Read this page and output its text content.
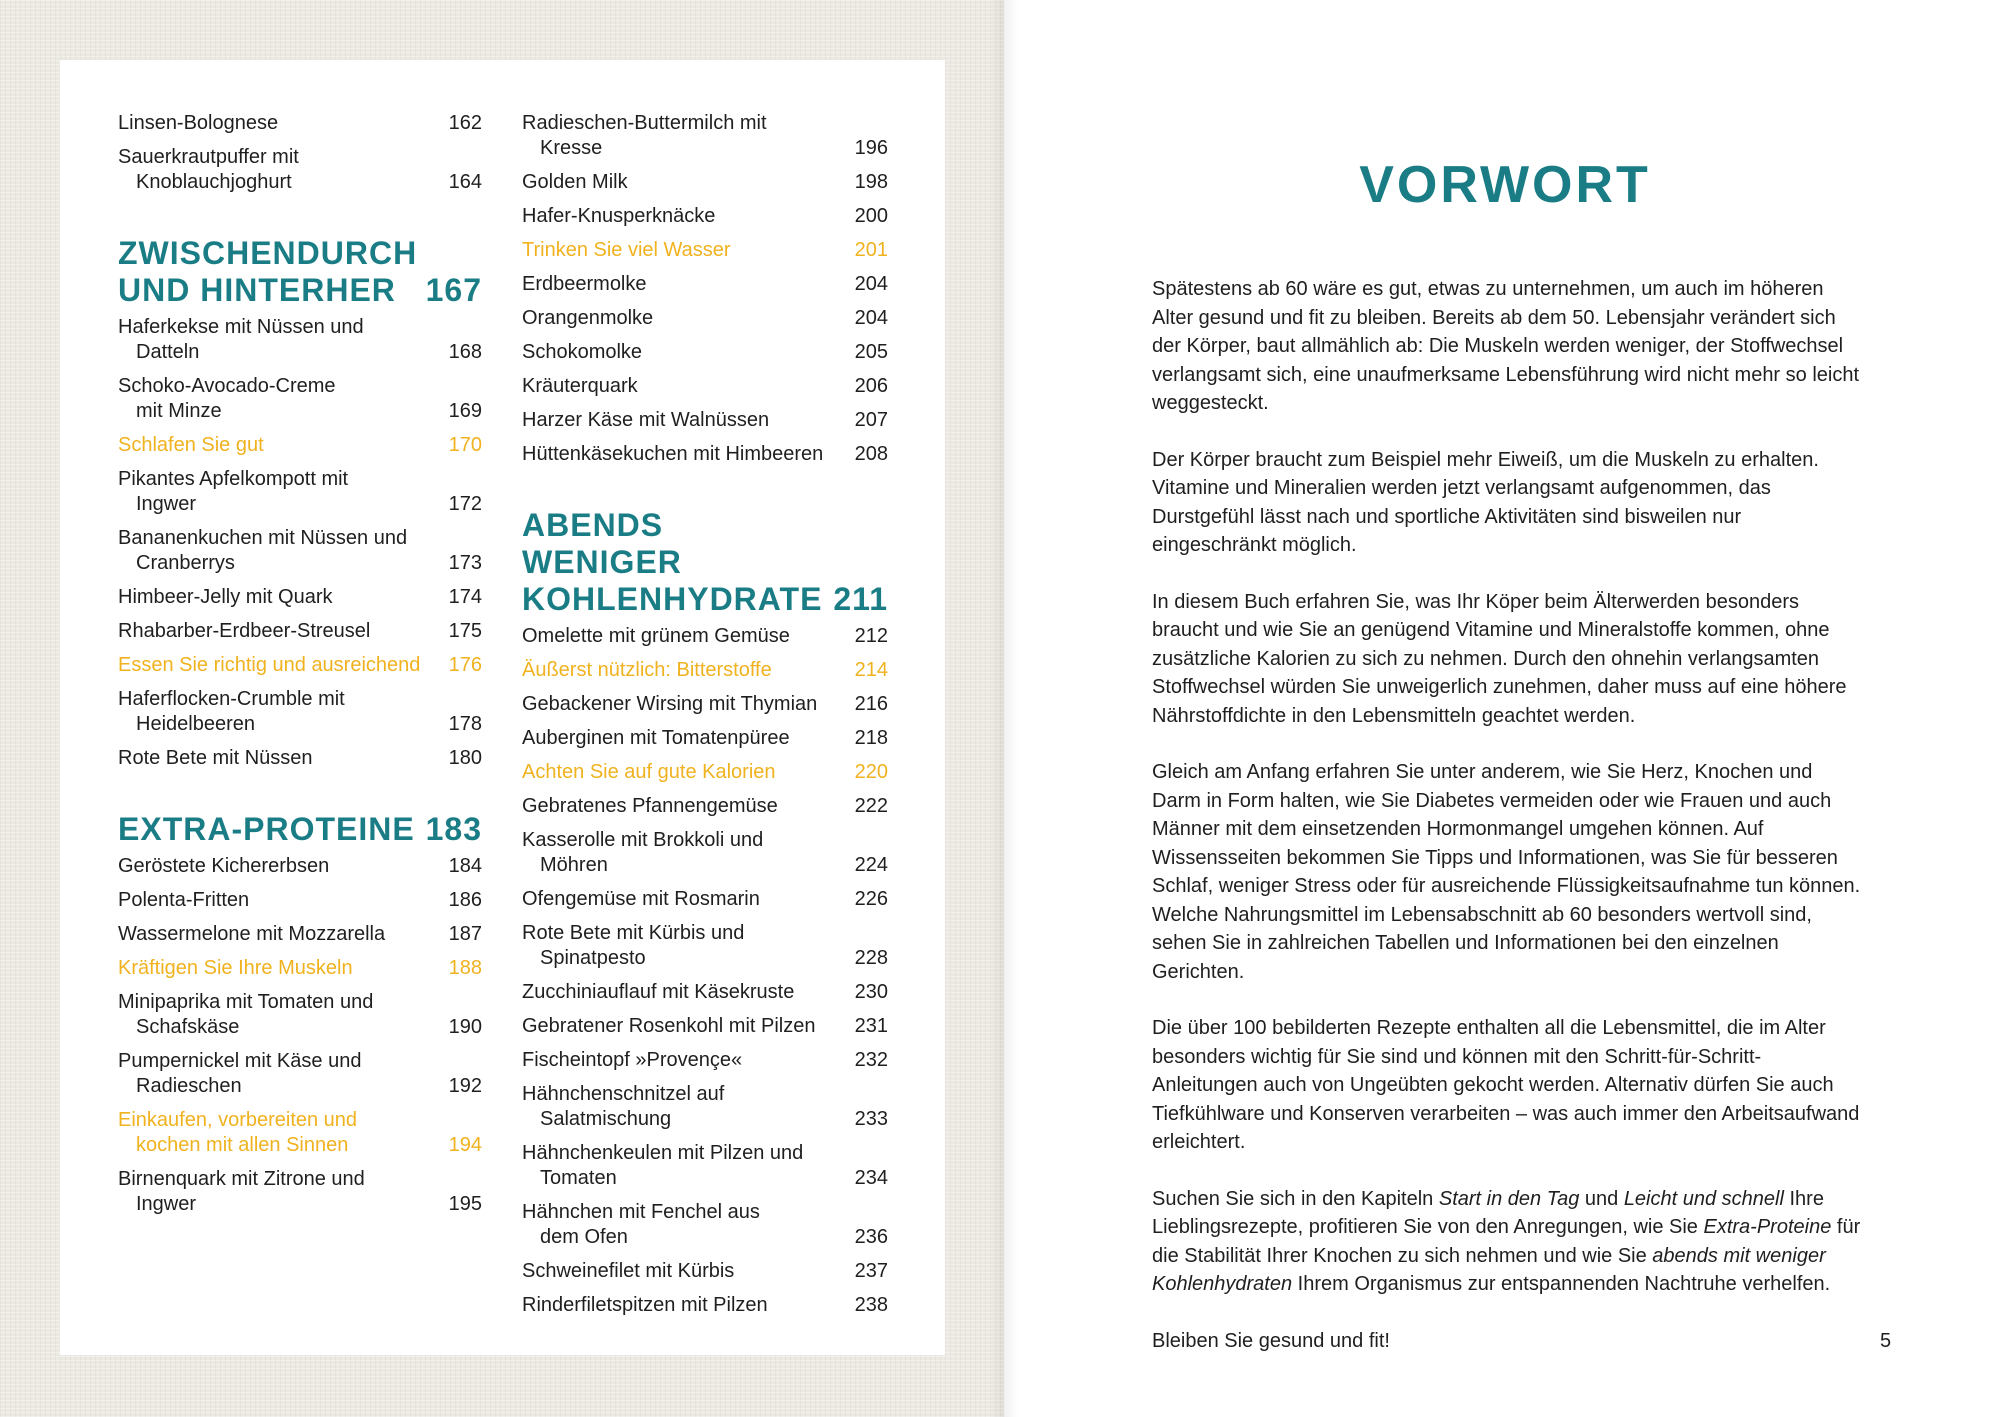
Linsen-Bolognese	162
Sauerkrautpuffer mit
Knoblauchjoghurt	164
ZWISCHENDURCH
UND HINTERHER 167
Haferkekse mit Nüssen und
Datteln	168
Schoko-Avocado-Creme
mit Minze	169
Schlafen Sie gut	170
Pikantes Apfelkompott mit
Ingwer	172
Bananenkuchen mit Nüssen und
Cranberrys	173
Himbeer-Jelly mit Quark	174
Rhabarber-Erdbeer-Streusel	175
Essen Sie richtig und ausreichend	176
Haferflocken-Crumble mit
Heidelbeeren	178
Rote Bete mit Nüssen	180
EXTRA-PROTEINE 183
Geröstete Kichererbsen	184
Polenta-Fritten	186
Wassermelone mit Mozzarella	187
Kräftigen Sie Ihre Muskeln	188
Minipaprika mit Tomaten und
Schafskäse	190
Pumpernickel mit Käse und
Radieschen	192
Einkaufen, vorbereiten und
kochen mit allen Sinnen	194
Birnenquark mit Zitrone und
Ingwer	195
Radieschen-Buttermilch mit
Kresse	196
Golden Milk	198
Hafer-Knusperknäcke	200
Trinken Sie viel Wasser	201
Erdbeermolke	204
Orangenmolke	204
Schokomolke	205
Kräuterquark	206
Harzer Käse mit Walnüssen	207
Hüttenkäsekuchen mit Himbeeren	208
ABENDS WENIGER
KOHLENHYDRATE 211
Omelette mit grünem Gemüse	212
Äußerst nützlich: Bitterstoffe	214
Gebackener Wirsing mit Thymian	216
Auberginen mit Tomatenpüree	218
Achten Sie auf gute Kalorien	220
Gebratenes Pfannengemüse	222
Kasserolle mit Brokkoli und
Möhren	224
Ofengemüse mit Rosmarin	226
Rote Bete mit Kürbis und
Spinatpesto	228
Zucchiniauflauf mit Käsekruste	230
Gebratener Rosenkohl mit Pilzen	231
Fischeintopf »Provençe«	232
Hähnchenschnitzel auf
Salatmischung	233
Hähnchenkeulen mit Pilzen und
Tomaten	234
Hähnchen mit Fenchel aus
dem Ofen	236
Schweinefilet mit Kürbis	237
Rinderfiletspitzen mit Pilzen	238
VORWORT

Spätestens ab 60 wäre es gut, etwas zu unternehmen, um auch im höheren Alter gesund und fit zu bleiben. Bereits ab dem 50. Lebensjahr verändert sich der Körper, baut allmählich ab: Die Muskeln werden weniger, der Stoffwechsel verlangsamt sich, eine unaufmerksame Lebensführung wird nicht mehr so leicht weggesteckt.

Der Körper braucht zum Beispiel mehr Eiweiß, um die Muskeln zu erhalten. Vitamine und Mineralien werden jetzt verlangsamt aufgenommen, das Durstgefühl lässt nach und sportliche Aktivitäten sind bisweilen nur eingeschränkt möglich.

In diesem Buch erfahren Sie, was Ihr Köper beim Älterwerden besonders braucht und wie Sie an genügend Vitamine und Mineralstoffe kommen, ohne zusätzliche Kalorien zu sich zu nehmen. Durch den ohnehin verlangsamten Stoffwechsel würden Sie unweigerlich zunehmen, daher muss auf eine höhere Nährstoffdichte in den Lebensmitteln geachtet werden.

Gleich am Anfang erfahren Sie unter anderem, wie Sie Herz, Knochen und Darm in Form halten, wie Sie Diabetes vermeiden oder wie Frauen und auch Männer mit dem einsetzenden Hormonmangel umgehen können. Auf Wissensseiten bekommen Sie Tipps und Informationen, was Sie für besseren Schlaf, weniger Stress oder für ausreichende Flüssigkeitsaufnahme tun können. Welche Nahrungsmittel im Lebensabschnitt ab 60 besonders wertvoll sind, sehen Sie in zahlreichen Tabellen und Informationen bei den einzelnen Gerichten.

Die über 100 bebilderten Rezepte enthalten all die Lebensmittel, die im Alter besonders wichtig für Sie sind und können mit den Schritt-für-Schritt-Anleitungen auch von Ungeübten gekocht werden. Alternativ dürfen Sie auch Tiefkühlware und Konserven verarbeiten – was auch immer den Arbeitsaufwand erleichtert.

Suchen Sie sich in den Kapiteln Start in den Tag und Leicht und schnell Ihre Lieblingsrezepte, profitieren Sie von den Anregungen, wie Sie Extra-Proteine für die Stabilität Ihrer Knochen zu sich nehmen und wie Sie abends mit weniger Kohlenhydraten Ihrem Organismus zur entspannenden Nachtruhe verhelfen.

Bleiben Sie gesund und fit!	5
